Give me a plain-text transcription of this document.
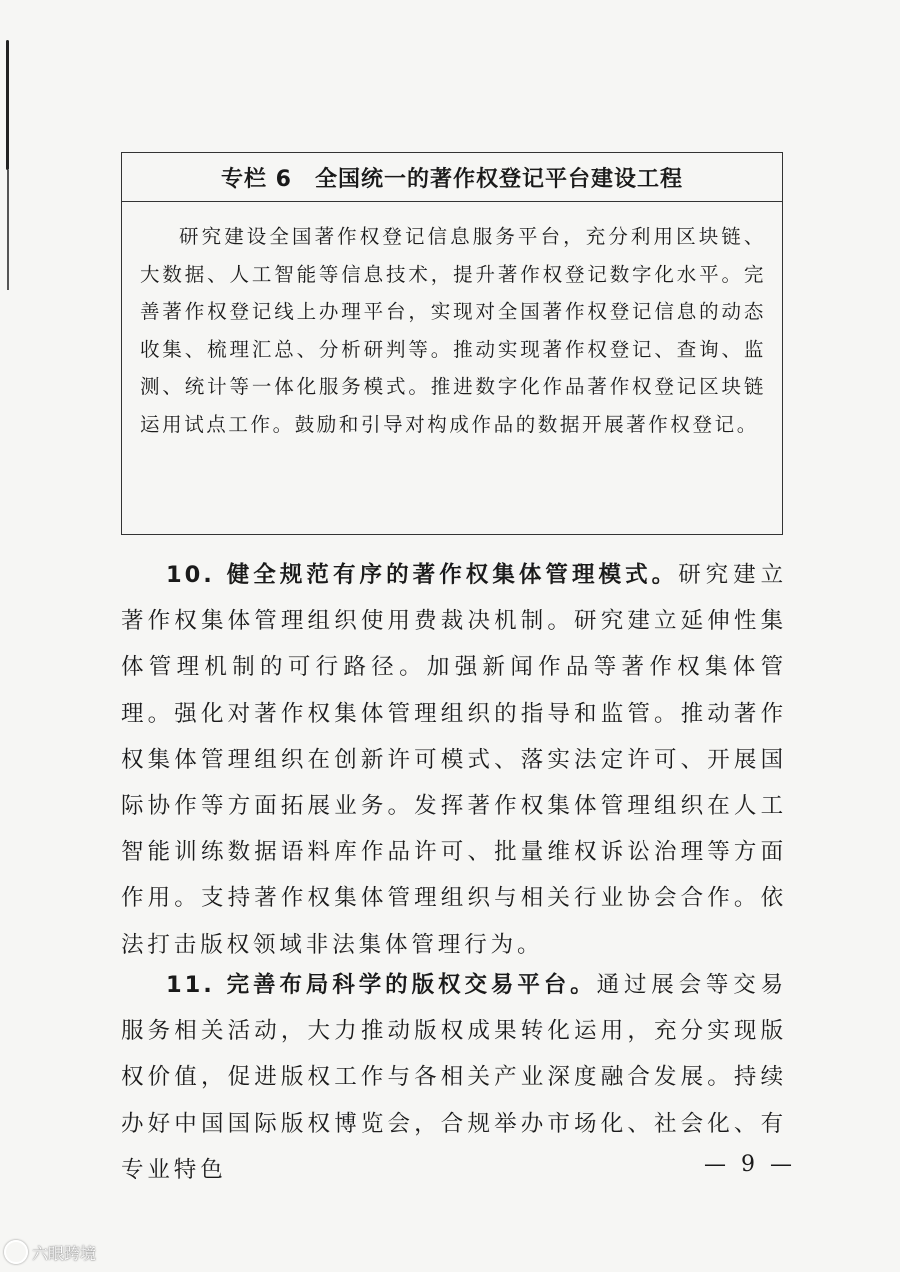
专栏 6　全国统一的著作权登记平台建设工程
研究建设全国著作权登记信息服务平台，充分利用区块链、大数据、人工智能等信息技术，提升著作权登记数字化水平。完善著作权登记线上办理平台，实现对全国著作权登记信息的动态收集、梳理汇总、分析研判等。推动实现著作权登记、查询、监测、统计等一体化服务模式。推进数字化作品著作权登记区块链运用试点工作。鼓励和引导对构成作品的数据开展著作权登记。
10. 健全规范有序的著作权集体管理模式。研究建立著作权集体管理组织使用费裁决机制。研究建立延伸性集体管理机制的可行路径。加强新闻作品等著作权集体管理。强化对著作权集体管理组织的指导和监管。推动著作权集体管理组织在创新许可模式、落实法定许可、开展国际协作等方面拓展业务。发挥著作权集体管理组织在人工智能训练数据语料库作品许可、批量维权诉讼治理等方面作用。支持著作权集体管理组织与相关行业协会合作。依法打击版权领域非法集体管理行为。
11. 完善布局科学的版权交易平台。通过展会等交易服务相关活动，大力推动版权成果转化运用，充分实现版权价值，促进版权工作与各相关产业深度融合发展。持续办好中国国际版权博览会，合规举办市场化、社会化、有专业特色	— 9 —
六眼跨境
